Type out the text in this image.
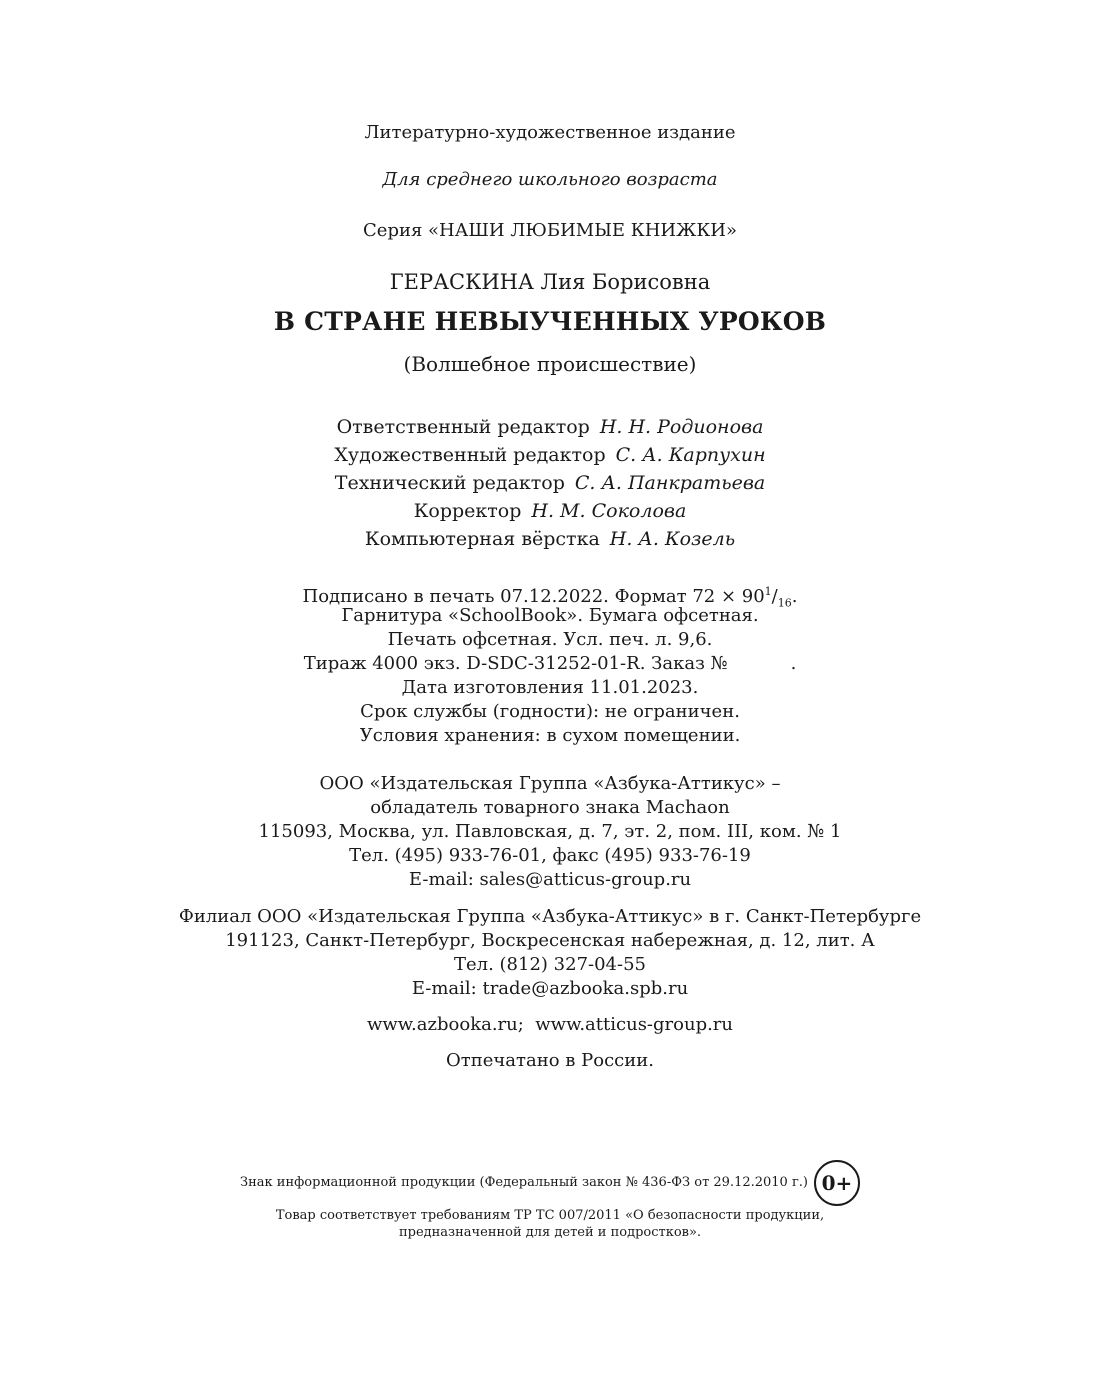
Литературно-художественное издание
Для среднего школьного возраста
Серия «НАШИ ЛЮБИМЫЕ КНИЖКИ»
ГЕРАСКИНА Лия Борисовна
В СТРАНЕ НЕВЫУЧЕННЫХ УРОКОВ
(Волшебное происшествие)
Ответственный редактор Н. Н. Родионова
Художественный редактор С. А. Карпухин
Технический редактор С. А. Панкратьева
Корректор Н. М. Соколова
Компьютерная вёрстка Н. А. Козель
Подписано в печать 07.12.2022. Формат $72 \times 90^1/_{16}$.
Гарнитура «SchoolBook». Бумага офсетная.
Печать офсетная. Усл. печ. л. 9,6.
Тираж 4000 экз. D-SDC-31252-01-R. Заказ №           .
Дата изготовления 11.01.2023.
Срок службы (годности): не ограничен.
Условия хранения: в сухом помещении.
ООО «Издательская Группа «Азбука-Аттикус» –
обладатель товарного знака Machaon
115093, Москва, ул. Павловская, д. 7, эт. 2, пом. III, ком. № 1
Тел. (495) 933-76-01, факс (495) 933-76-19
E-mail: sales@atticus-group.ru
Филиал ООО «Издательская Группа «Азбука-Аттикус» в г. Санкт-Петербурге
191123, Санкт-Петербург, Воскресенская набережная, д. 12, лит. А
Тел. (812) 327-04-55
E-mail: trade@azbooka.spb.ru
www.azbooka.ru;  www.atticus-group.ru
Отпечатано в России.
Знак информационной продукции (Федеральный закон № 436-ФЗ от 29.12.2010 г.) 0+
Товар соответствует требованиям ТР ТС 007/2011 «О безопасности продукции,
предназначенной для детей и подростков».
